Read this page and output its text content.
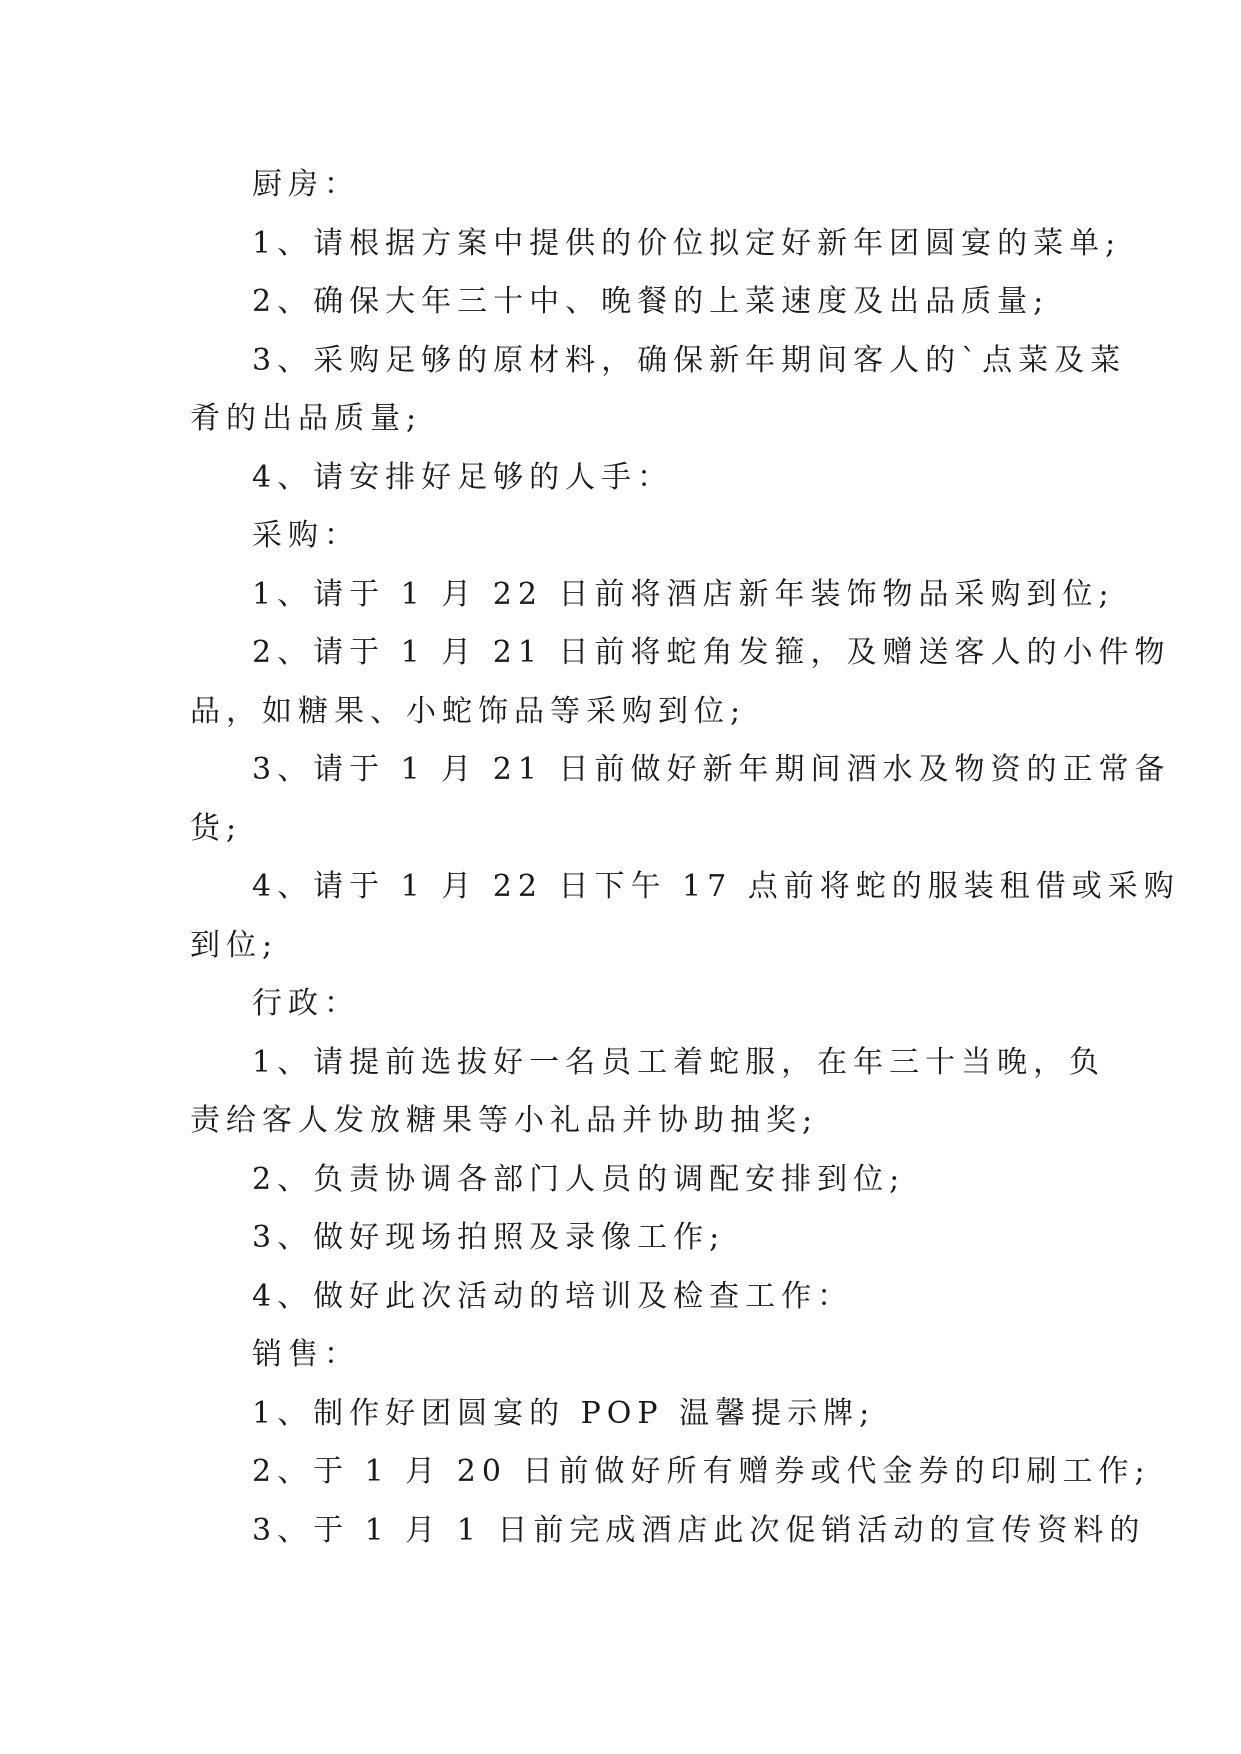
厨房：
1、请根据方案中提供的价位拟定好新年团圆宴的菜单;
2、确保大年三十中、晚餐的上菜速度及出品质量;
3、采购足够的原材料，确保新年期间客人的`点菜及菜
肴的出品质量;
4、请安排好足够的人手：
采购：
1、请于 1 月 22 日前将酒店新年装饰物品采购到位;
2、请于 1 月 21 日前将蛇角发箍，及赠送客人的小件物
品，如糖果、小蛇饰品等采购到位;
3、请于 1 月 21 日前做好新年期间酒水及物资的正常备
货;
4、请于 1 月 22 日下午 17 点前将蛇的服装租借或采购
到位;
行政：
1、请提前选拔好一名员工着蛇服，在年三十当晚，负
责给客人发放糖果等小礼品并协助抽奖;
2、负责协调各部门人员的调配安排到位;
3、做好现场拍照及录像工作;
4、做好此次活动的培训及检查工作：
销售：
1、制作好团圆宴的 POP 温馨提示牌;
2、于 1 月 20 日前做好所有赠券或代金券的印刷工作;
3、于 1 月 1 日前完成酒店此次促销活动的宣传资料的
